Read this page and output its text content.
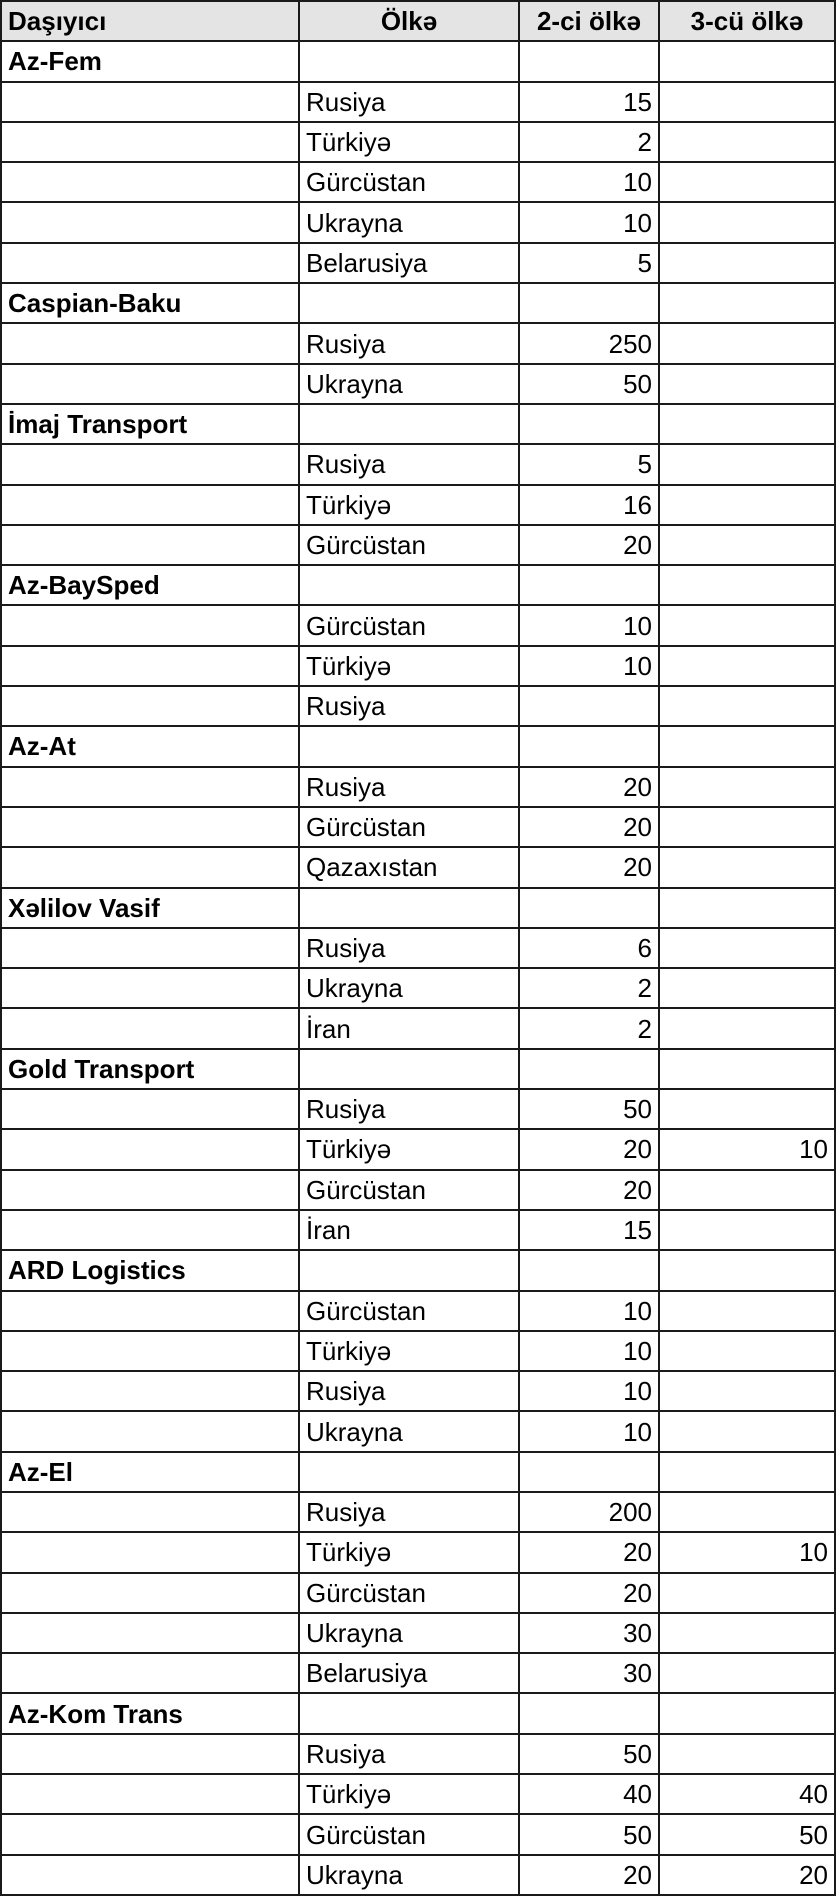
Daşıyıcı	Ölkə	2-ci ölkə	3-cü ölkə
Az-Fem			
	Rusiya	15	
	Türkiyə	2	
	Gürcüstan	10	
	Ukrayna	10	
	Belarusiya	5	
Caspian-Baku			
	Rusiya	250	
	Ukrayna	50	
İmaj Transport			
	Rusiya	5	
	Türkiyə	16	
	Gürcüstan	20	
Az-BaySped			
	Gürcüstan	10	
	Türkiyə	10	
	Rusiya		
Az-At			
	Rusiya	20	
	Gürcüstan	20	
	Qazaxıstan	20	
Xəlilov Vasif			
	Rusiya	6	
	Ukrayna	2	
	İran	2	
Gold Transport			
	Rusiya	50	
	Türkiyə	20	10
	Gürcüstan	20	
	İran	15	
ARD Logistics			
	Gürcüstan	10	
	Türkiyə	10	
	Rusiya	10	
	Ukrayna	10	
Az-El			
	Rusiya	200	
	Türkiyə	20	10
	Gürcüstan	20	
	Ukrayna	30	
	Belarusiya	30	
Az-Kom Trans			
	Rusiya	50	
	Türkiyə	40	40
	Gürcüstan	50	50
	Ukrayna	20	20
